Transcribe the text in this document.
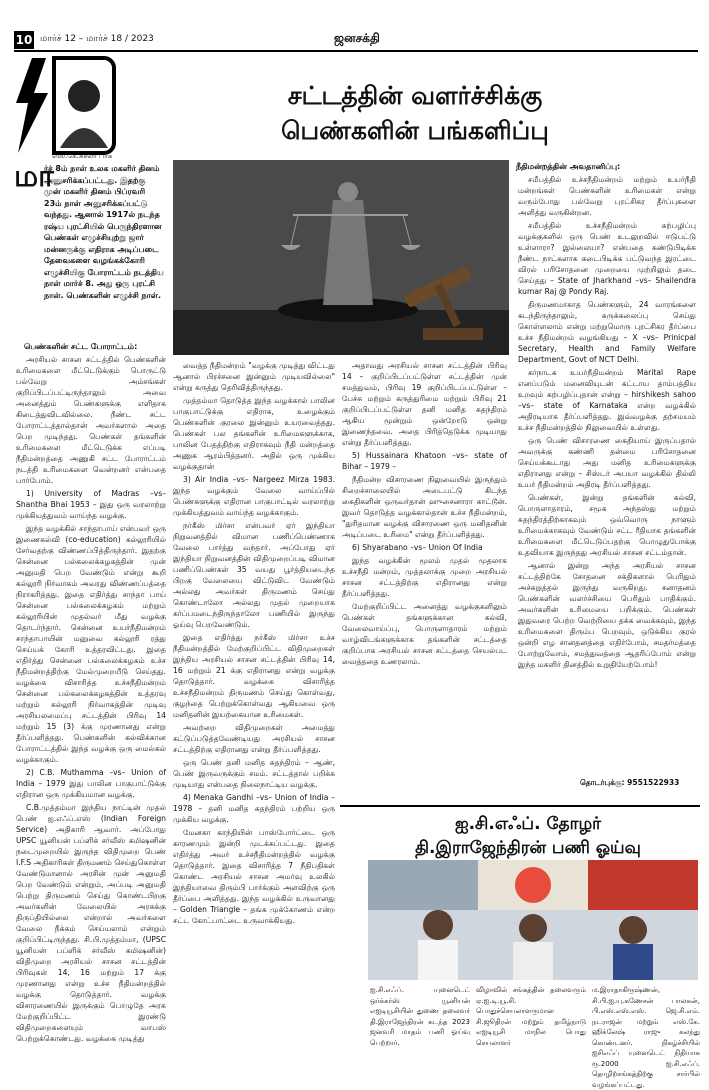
10 மார்ச் 12 – மார்ச் 18 / 2023	ஜனசக்தி
எஸ்.கே.சுசீலா பாசு
சட்டத்தின் வளர்ச்சிக்கு
பெண்களின் பங்களிப்பு
மா
ர்ச் 8ம் நாள் உலக மகளிர் தினம் அனுசரிக்கப்பட்டது. இதற்கு முன் மகளிர் தினம் பிப்ரவரி 23ம் நாள் அனுசரிக்கப்பட்டு வந்தது. ஆனால் 1917ல் நடந்த ரஷ்ய புரட்சியில் பெருந்திரளான பெண்கள் எழுச்சியுற்று ஜார் மன்னருக்கு எதிராக அடிப்படை தேவைகளை வழங்கக்கோரி எழுச்சியிகு போராட்டம் நடத்திய நாள் மார்ச் 8. அது ஒரு புரட்சி நாள். பெண்களின் எழுச்சி நாள்.
பெண்களின் சட்ட போராட்டம்:

அரசியல் சாசன சட்டத்தில் பெண்களின் உரிமைகளை மீட்டெடுக்கும் பொருட்டு பல்வேறு அம்சங்கள் குறிப்பிடப்பட்டிருந்தாலும் அவை அனைத்தும் பெண்களுக்கு எளிதாக கிடைத்துவிடவில்லை. நீண்ட சட்ட போராட்டத்தால்தான் அவர்களால் அதை பெற முடிந்தது. பெண்கள் தங்களின் உரிமைகளை மீட்டெடுக்க எப்படி நீதிமன்றத்தை அணுகி சட்ட போராட்டம் நடத்தி உரிமைகளை வென்றனர் என்பதை பார்போம்.

1) University of Madras –vs– Shantha Bhai 1953 – இது ஒரு வரலாற்று முக்கியத்துவம் வாய்ந்த வழக்கு.

இந்த வழக்கில் சாந்தாபாய் என்பவர் ஒரு இணைகல்வி (co-education) கல்லூரியில் சேர்வதற்கு விண்ணப்பித்திருந்தார். இதற்கு சென்னை பல்கலைக்கழகத்தின் முன் அனுமதி பெற வேண்டும் என்று கூறி கல்லூரி நிர்வாகம் அவரது விண்ணப்பத்தை நிராகரித்தது. இதை எதிர்த்து சாந்தா பாய் சென்னை பல்கலைக்கழகம் மற்றும் கல்லூரியின் முதல்வர் மீது வழக்கு தொடர்ந்தார். சென்னை உயர்நீதிமன்றம் சாந்தாபாயின் மனுவை கல்லூரி ரத்து செய்யக் கோரி உத்தரவிட்டது. இதை எதிர்த்து சென்னை பல்கலைக்கழகம் உச்ச நீதிமன்றத்திற்கு மேல்முறையீடு செய்தது. வழக்கை விசாரித்த உச்சநீதிமன்றம் சென்னை பல்கலைக்கழகத்தின் உத்தரவு மற்றும் கல்லூரி நிர்வாகத்தின் முடிவு அரசியலமைப்பு சட்டத்தின் பிரிவு 14 மற்றும் 15 (3) க்கு முரணானது என்று தீர்ப்பளித்தது. பெண்களின் கல்விக்கான போராட்டத்தில் இந்த வழக்கு ஒரு மைல்கல் வழக்காகும்.

2) C.B. Muthamma –vs– Union of India – 1979 இது பாலின பாகுபாட்டுக்கு எதிரான ஒரு முக்கியமான வழக்கு.

C.B.முத்தம்மா இந்திய நாட்டின் முதல் பெண் ஐ.எஃப்.எஸ் (Indian Foreign Service) அதிகாரி ஆவார். அப்போது UPSC யூனியன் பப்ளிக் சர்வீஸ் கமிஷனின் நடைமுறையில் இருந்த விதிமுறை பெண் I.F.S அதிகாரிகள் திருமணம் செய்துகொள்ள வேண்டுமானால் அரசின் முன் அனுமதி பெற வேண்டும் என்றும், அப்படி அனுமதி பெற்று திருமணம் செய்து கொண்டபிறகு அவர்களின் வேலையில் அரசுக்கு திருப்தியில்லை என்றால் அவர்களை வேலை நீக்கம் செய்யலாம் என்றும் குறிப்பிட்டிருந்தது. சி.பி.முத்தம்மா, (UPSC யூனியன் பப்ளிக் சர்வீஸ் கமிஷனின்) விதிமுறை அரசியல் சாசன சட்டத்தின் பிரிவுகள் 14, 16 மற்றும் 17 க்கு முரணானது என்று உச்ச நீதிமன்றத்தில் வழக்கு தொடுத்தார். வழக்கு விசாரணையில் இருக்கும் பொழுதே அரசு மேற்குறிப்பிட்ட இரண்டு விதிமுறைகளையும் வாபஸ் பெற்றுக்கொண்டது. வழக்கை முடித்து

வைத்த நீதிமன்றம் "வழக்கு முடித்து விட்டது ஆனால் பிரச்சனை இன்னும் முடியவில்லை" என்று கருத்து தெரிவித்திருந்தது.

முத்தம்மா தொடுத்த இந்த வழக்கால் பாலின பாகுபாட்டுக்கு எதிராக, உழைக்கும் பெண்களின் குரலை இன்னும் உயரவைத்தது. பெண்கள் பல தங்களின் உரிமைகளுக்காக, பாலின பேதத்திற்கு எதிராகவும் நீதி மன்றத்தை அணுக ஆரம்பித்தனர். அதில் ஒரு முக்கிய வழக்குதான்

3) Air India –vs– Nargeez Mirza 1983. இந்த வழக்கும் வேலை வாய்ப்பில் பெண்களுக்கு எதிரான பாகுபாட்டில் வரலாற்று முக்கியத்துவம் வாய்ந்த வழக்காகும்.

நர்கீஸ் மிர்சா என்பவர் ஏர் இந்தியா நிறுவனத்தில் விமான பணிப்பெண்ணாக வேலை பார்த்து வந்தார். அப்போது ஏர் இந்தியா நிறுவனத்தின் விதிமுறைப்படி விமான பணிப்பெண்கள் 35 வயது பூர்த்தியடைந்த பிறகு வேலையை விட்டுவிட வேண்டும் அல்லது அவர்கள் திருமணம் செய்து கொண்டாலோ அல்லது முதல் முறையாக கர்ப்பமடைந்திருந்தாலோ பணியில் இருந்து ஓய்வு பெறவேண்டும்.

இதை எதிர்த்து நர்கீஸ் மிர்சா உச்ச நீதிமன்றத்தில் மேற்குறிப்பிட்ட விதிமுறைகள் இந்திய அரசியல் சாசன சட்டத்தின் பிரிவு 14, 16 மற்றும் 21 க்கு எதிரானது என்று வழக்கு தொடுத்தார். வழக்கை விசாரித்த உச்சநீதிமன்றம் திருமணம் செய்து கொள்வது, குழந்தை பெற்றுக்கொள்வது ஆகியவை ஒரு மனிதனின் இயற்கையான உரிமைகள்.

அவற்றை விதிமுறைகள் அமைத்து கட்டுப்படுத்தவேண்டியது அரசியல் சாசன சட்டத்திற்கு எதிரானது என்று தீர்ப்பளித்தது.

ஒரு பெண் தனி மனித சுதந்திரம் – ஆண், பெண் இருவருக்கும் சமம். சட்டத்தால் பறிக்க முடியாது என்பதை நிலைநாட்டிய வழக்கு.

4) Menaka Gandhi –vs– Union of India – 1978 – தனி மனித சுதந்திரம் பற்றிய ஒரு முக்கிய வழக்கு.

மேனகா காந்தியின் பாஸ்போர்ட்டை ஒரு காரணமும் இன்றி முடக்கப்பட்டது. இதை எதிர்த்து அவர் உச்சநீதிமன்றத்தில் வழக்கு தொடுத்தார். இதை விசாரித்த 7 நீதிபதிகள் கொண்ட அரசியல் சாசன அமர்வு உலகில் இந்தியாவை திரும்பி பார்க்கும் அளவிற்கு ஒரு தீர்ப்பை அளித்தது. இந்த வழக்கில் உருவானது – Golden Triangle – தங்க முக்கோணம் என்ற சட்ட கோட்பாட்டை உருவாக்கியது.

அதாவது அரசியல் சாசன சட்டத்தின் பிரிவு 14 – குறிப்பிடப்பட்டுள்ள சட்டத்தின் முன் சமத்துவம், பிரிவு 19 குறிப்பிடப்பட்டுள்ள – பேச்சு மற்றும் கருத்துரிமை மற்றும் பிரிவு 21 குறிப்பிடப்பட்டுள்ள தனி மனித சுதந்திரம் ஆகிய மூன்றும் ஒன்றோடு ஒன்று இணைந்தவை. அதை பிரித்தெடுக்க முடியாது என்று தீர்ப்பளித்தது.

5) Hussainara Khatoon –vs– state of Bihar – 1979 –

நீதிமன்ற விசாரணை நிலுவையில் இருந்தும் சிறைச்சாலையில் அடைபட்டு கிடந்த கைதிகளின் ஒருவர்தான் ஹுசைனாரா காட்டூன். இவர் தொடுத்த வழக்கால்தான் உச்ச நீதிமன்றம், "துரிதமான வழக்கு விசாரணை ஒரு மனிதனின் அடிப்படை உரிமை" என்று தீர்ப்பளித்தது.

6) Shyarabano –vs– Union Of India

இந்த வழக்கின் மூலம் முதல் முதலாக உச்சநீதி மன்றம், முத்தலாக்கு முறை அரசியல் சாசன சட்டத்திற்கு எதிரானது என்று தீர்ப்பளித்தது.

மேற்குறிப்பிட்ட அனைத்து வழக்குகளிலும் பெண்கள் தங்களுக்கான கல்வி, வேலைவாய்ப்பு, பொருளாதாரம் மற்றும் வாழ்விடங்களுக்காக தங்களின் சட்டத்தை குறிப்பாக அரசியல் சாசன சட்டத்தை செயல்பட வைத்ததை உணரலாம்.

நீதிமன்றத்தின் அவதானிப்பு:

சமீபத்தில் உச்சநீதிமன்றம் மற்றும் உயர்நீதி மன்றங்கள் பெண்களின் உரிமைகள் என்று வரும்போது பல்வேறு புரட்சிகர தீர்ப்புகளை அளித்து வருகின்றன.

சமீபத்தில் உச்சநீதிமன்றம் கற்பழிப்பு வழக்குகளில் ஒரு பெண் உடலுறவில் ஈடுபட்டு உள்ளாரா? இல்லையா? என்பதை கண்டுபிடிக்க நீண்ட நாட்களாக கடைபிடிக்க பட்டுவந்த இரட்டை விரல் பரிசோதனை முறையை முற்றிலும் தடை செய்தது – State of Jharkhand –vs– Shailendra kumar Raj @ Pondy Raj.

திருமணமாகாத பெண்களும், 24 வாரங்களை கடந்திருந்தாலும், கருக்கலைப்பு செய்து கொள்ளலாம் என்று மற்றுமொரு புரட்சிகர தீர்ப்பை உச்ச நீதிமன்றம் வழங்கியது – X –vs– Prinicpal Secretary, Health and Family Welfare Department, Govt of NCT Delhi.

கர்நாடக உயர்நீதிமன்றம் Marital Rape எனப்படும் மனைவியுடன் கட்டாய தாம்பத்திய உறவும் கற்பழிப்புதான் என்று – hirshikesh sahoo –vs– state of Karnataka என்ற வழக்கில் அதிரடியாக தீர்ப்பளித்தது. இவ்வழக்கு தற்சமயம் உச்ச நீதிமன்றத்தில் நிலுவையில் உள்ளது.

ஒரு பெண் விசாரணை கைதியாய் இருப்பதால் அவருக்கு கண்ணி தன்மை பரிசோதனை செய்யக்கூடாது அது மனித உரிமைகளுக்கு எதிரானது என்று – சிஸ்டர் அபயா வழக்கில் தில்லி உயர் நீதிமன்றம் அதிரடி தீர்ப்பளித்தது.

பெண்கள், இன்று தங்களின் கல்வி, பொருளாதாரம், சமூக அந்தஸ்து மற்றும் சுதந்திரத்திற்காகவும் ஒவ்வொரு நாளும் உரிமைக்காகவும் வேண்டும் சட்ட ரீதியாக தங்களின் உரிமைகளை மீட்டெடுப்பதற்கு பொழுதுபோக்கு உதவியாக இருந்தது அரசியல் சாசன சட்டம்தான்.

ஆனால் இன்று அந்த அரசியல் சாசன சட்டத்திற்கே சோதனை சக்திகளால் பெரிதும் அச்சுறுத்தல் இருந்து வருகிறது. சனாதனம் பெண்களின் வளர்ச்சியை பெரிதும் பாதிக்கும். அவர்களின் உரிமையை பறிக்கும். பெண்கள் இதுவரை பெற்ற வெற்றியை தக்க வைக்கவும், இந்த உரிமைகளை திரும்ப பெறவும், ஒடுக்கிய குரல் ஒன்றி எழ சானதனத்தை எதிர்போம், சமதர்மத்தை போற்றுவோம், சமத்துவத்தை ஆதரிப்போம் என்று இந்த மகளிர் தினத்தில் உறுதியேற்போம்!

தொடர்புக்கு: 9551522933
ஐ.சி.எஃப். தோழர்
தி.இராஜேந்திரன் பணி ஓய்வு
ஐ.சி.எஃப். யுனைடெட் ஒர்க்கர்ஸ் யூனியன் எஐடியூசியின் துணை தலைவர் தி.இராஜேந்திரன் கடந்த 2023 ஜனவரி மாதம் பணி ஓய்வு பெற்றார்.
விழாவில் சங்கத்தின் தலைவரும் ஏ.ஐ.டி.யூ.சி. பொதுச்செயலாளருமான சி.ஜூதிரன் மற்றும் தமிழ்நாடு எஐடியூசி மாநில பொது செயலாளர்
ம.இராதாகிருஷ்ணன், சி.பி.ஐ.யு.கணேசன் பாலகன், பி.எஸ்.எஸ்.எஸ். ஜெ.சி.எம். நடராஜன் மற்றும் எஸ்.கே. ஹிக்லேஷ் ராஜு கலந்து கொண்டனர். நிகழ்ச்சியில் ஐசிஎஃப் யுனைடெட் நிதியாக ரூ.2000 ஐ.சி.எஃப். தொழிற்சங்கத்திற்கு சார்பில் வழங்கப்பட்டது.
